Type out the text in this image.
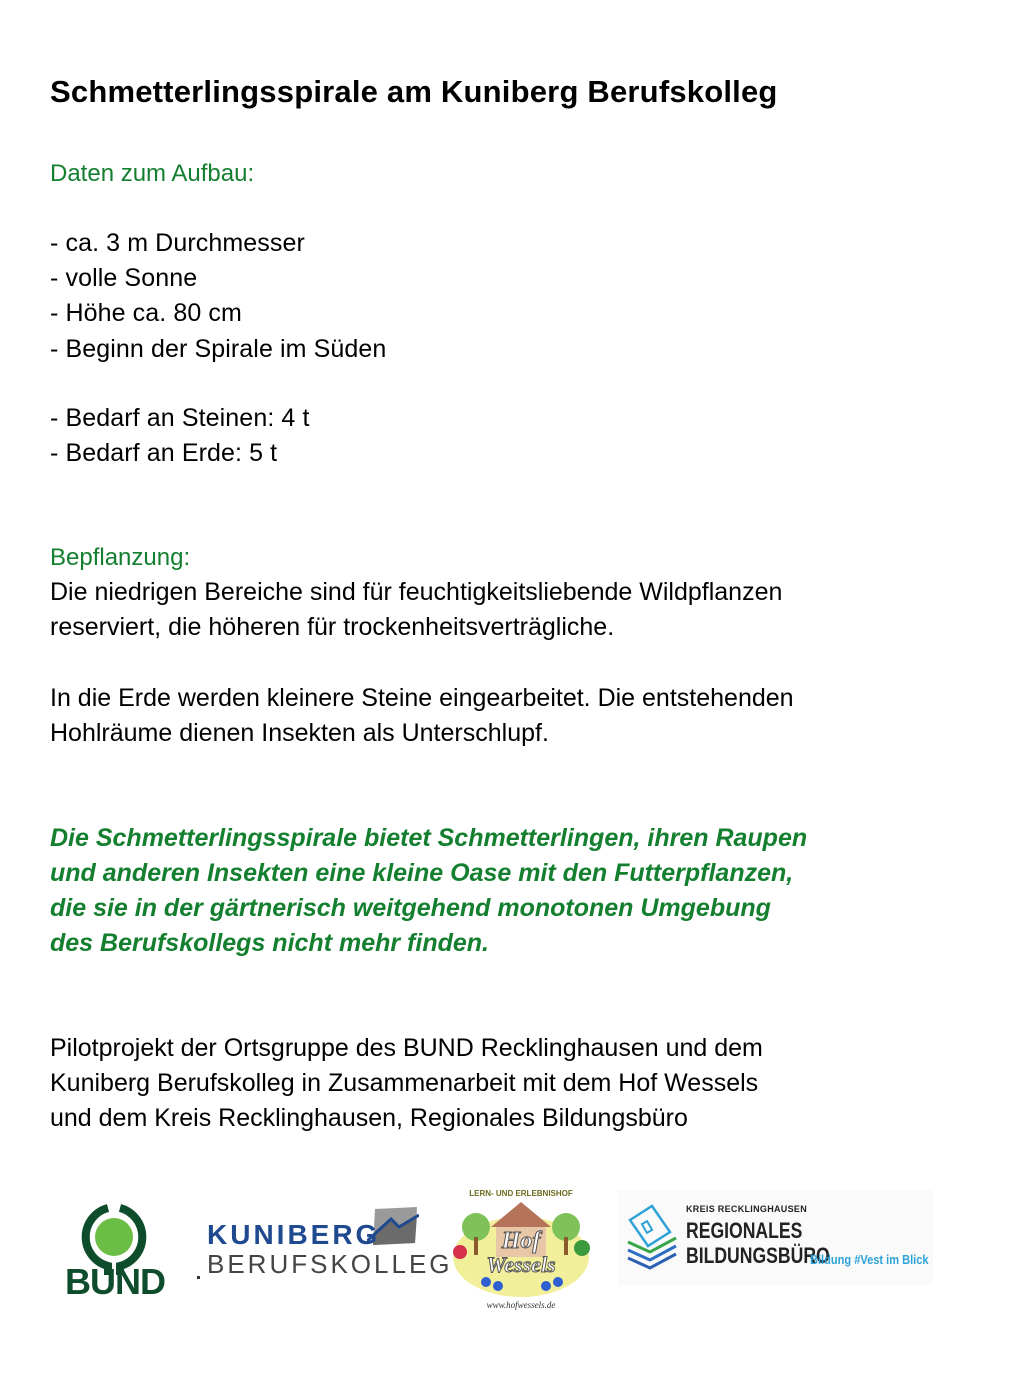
Schmetterlingsspirale am Kuniberg Berufskolleg
Daten zum Aufbau:
- ca. 3 m Durchmesser
- volle Sonne
- Höhe ca. 80 cm
- Beginn der Spirale im Süden
- Bedarf an Steinen: 4 t
- Bedarf an Erde: 5 t
Bepflanzung:
Die niedrigen Bereiche sind für feuchtigkeitsliebende Wildpflanzen
reserviert, die höheren für trockenheitsverträgliche.
In die Erde werden kleinere Steine eingearbeitet. Die entstehenden
Hohlräume dienen Insekten als Unterschlupf.
Die Schmetterlingsspirale bietet Schmetterlingen, ihren Raupen
und anderen Insekten eine kleine Oase mit den Futterpflanzen,
die sie in der gärtnerisch weitgehend monotonen Umgebung
des Berufskollegs nicht mehr finden.
Pilotprojekt der Ortsgruppe des BUND Recklinghausen und dem
Kuniberg Berufskolleg in Zusammenarbeit mit dem Hof Wessels
und dem Kreis Recklinghausen, Regionales Bildungsbüro
BUND
KUNIBERG
BERUFSKOLLEG
LERN- UND ERLEBNISHOF
Hof
Wessels
www.hofwessels.de
KREIS RECKLINGHAUSEN
REGIONALES
BILDUNGSBÜRO
Bildung #Vest im Blick
